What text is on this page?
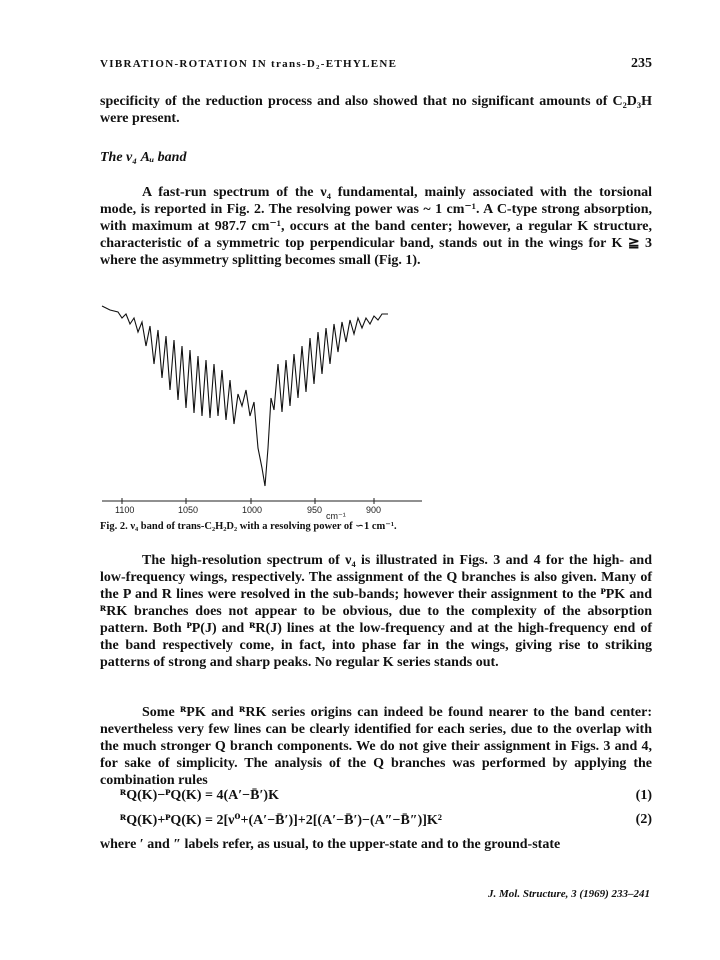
VIBRATION-ROTATION IN trans-D₂-ETHYLENE	235
specificity of the reduction process and also showed that no significant amounts of C₂D₃H were present.
The ν₄ Aᵤ band
A fast-run spectrum of the ν₄ fundamental, mainly associated with the torsional mode, is reported in Fig. 2. The resolving power was ~ 1 cm⁻¹. A C-type strong absorption, with maximum at 987.7 cm⁻¹, occurs at the band center; however, a regular K structure, characteristic of a symmetric top perpendicular band, stands out in the wings for K ≧ 3 where the asymmetry splitting becomes small (Fig. 1).
1100	1050	1000	950
cm⁻¹
900
Fig. 2. ν₄ band of trans-C₂H₂D₂ with a resolving power of ∽1 cm⁻¹.
The high-resolution spectrum of ν₄ is illustrated in Figs. 3 and 4 for the high- and low-frequency wings, respectively. The assignment of the Q branches is also given. Many of the P and R lines were resolved in the sub-bands; however their assignment to the ᴾPK and ᴿRK branches does not appear to be obvious, due to the complexity of the absorption pattern. Both ᴾP(J) and ᴿR(J) lines at the low-frequency and at the high-frequency end of the band respectively come, in fact, into phase far in the wings, giving rise to striking patterns of strong and sharp peaks. No regular K series stands out.
Some ᴿPK and ᴿRK series origins can indeed be found nearer to the band center: nevertheless very few lines can be clearly identified for each series, due to the overlap with the much stronger Q branch components. We do not give their assignment in Figs. 3 and 4, for sake of simplicity. The analysis of the Q branches was performed by applying the combination rules
ᴿQ(K)−ᴾQ(K) = 4(A′−B̄′)K	(1)
ᴿQ(K)+ᴾQ(K) = 2[ν⁰+(A′−B̄′)]+2[(A′−B̄′)−(A″−B̄″)]K²	(2)
where ′ and ″ labels refer, as usual, to the upper-state and to the ground-state
J. Mol. Structure, 3 (1969) 233–241
